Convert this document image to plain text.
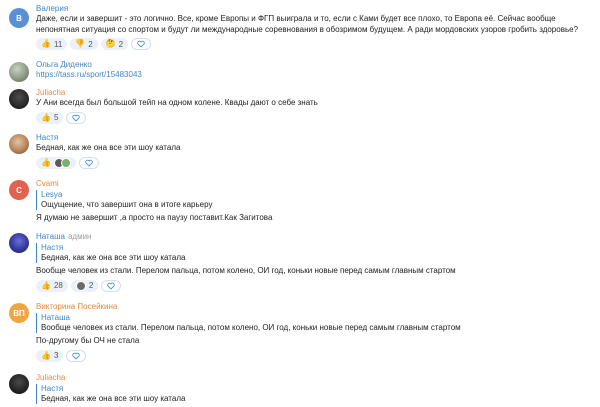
В
Валерия
Даже, если и завершит - это логично. Все, кроме Европы и ФГП выиграла и то, если с Ками будет все плохо, то Европа её. Сейчас вообще непонятная ситуация со спортом и будут ли международные соревнования в обозримом будущем. А ради мордовских узоров гробить здоровье?
👍 11 👎 2 🤔 2
Ольга Диденко
https://tass.ru/sport/15483043
Juliacha
У Ани всегда был большой тейп на одном колене. Квады дают о себе знать
👍 5
Настя
Бедная, как же она все эти шоу катала
👍
C
Cvami
Lesya
Ощущение, что завершит она в итоге карьеру
Я думаю не завершит ,а просто на паузу поставит.Как Загитова
Наташа админ
Настя
Бедная, как же она все эти шоу катала
Вообще человек из стали. Перелом пальца, потом колено, ОИ год, коньки новые перед самым главным стартом
👍 28	2
ВП
Викторина Посейкина
Наташа
Вообще человек из стали. Перелом пальца, потом колено, ОИ год, коньки новые перед самым главным стартом
По-другому бы ОЧ не стала
👍 3
Juliacha
Настя
Бедная, как же она все эти шоу катала
